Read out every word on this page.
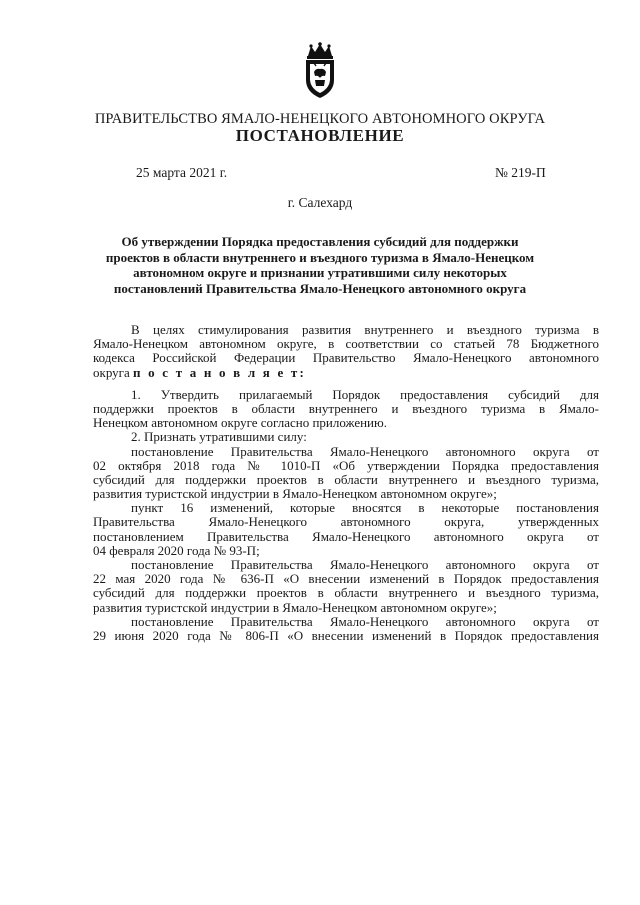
ПРАВИТЕЛЬСТВО ЯМАЛО-НЕНЕЦКОГО АВТОНОМНОГО ОКРУГА
ПОСТАНОВЛЕНИЕ
25 марта 2021 г.	№ 219-П
г. Салехард
Об утверждении Порядка предоставления субсидий для поддержки
проектов в области внутреннего и въездного туризма в Ямало-Ненецком
автономном округе и признании утратившими силу некоторых
постановлений Правительства Ямало-Ненецкого автономного округа
В целях стимулирования развития внутреннего и въездного туризма в
Ямало-Ненецком автономном округе, в соответствии со статьей 78 Бюджетного
кодекса Российской Федерации Правительство Ямало-Ненецкого автономного
округа п о с т а н о в л я е т:
1. Утвердить прилагаемый Порядок предоставления субсидий для
поддержки проектов в области внутреннего и въездного туризма в Ямало-
Ненецком автономном округе согласно приложению.
2. Признать утратившими силу:
постановление Правительства Ямало-Ненецкого автономного округа от
02 октября 2018 года № 1010-П «Об утверждении Порядка предоставления
субсидий для поддержки проектов в области внутреннего и въездного туризма,
развития туристской индустрии в Ямало-Ненецком автономном округе»;
пункт 16 изменений, которые вносятся в некоторые постановления
Правительства Ямало-Ненецкого автономного округа, утвержденных
постановлением Правительства Ямало-Ненецкого автономного округа от
04 февраля 2020 года № 93-П;
постановление Правительства Ямало-Ненецкого автономного округа от
22 мая 2020 года № 636-П «О внесении изменений в Порядок предоставления
субсидий для поддержки проектов в области внутреннего и въездного туризма,
развития туристской индустрии в Ямало-Ненецком автономном округе»;
постановление Правительства Ямало-Ненецкого автономного округа от
29 июня 2020 года № 806-П «О внесении изменений в Порядок предоставления
